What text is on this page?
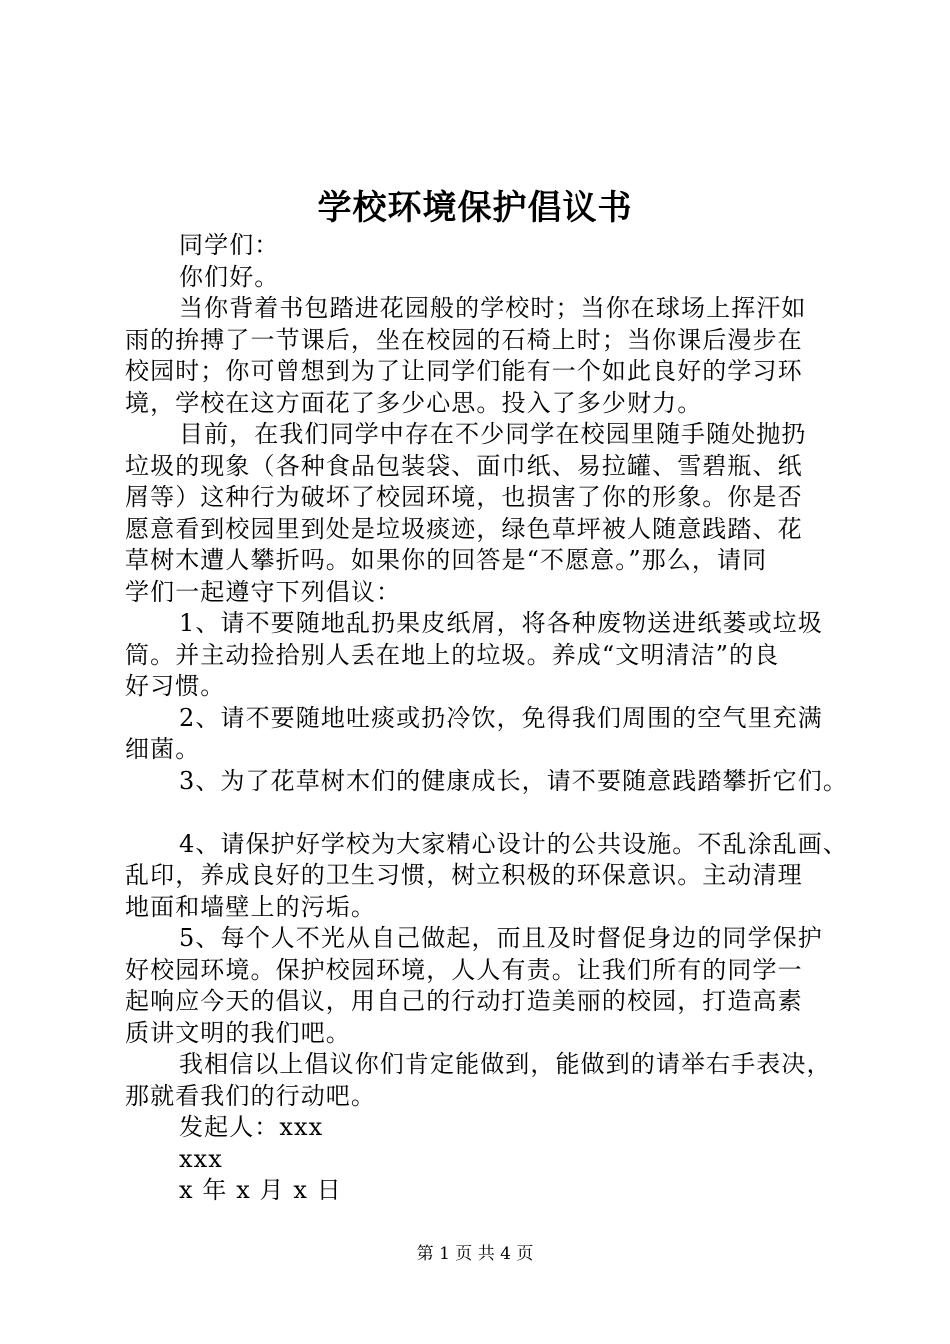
学校环境保护倡议书
同学们：
你们好。
当你背着书包踏进花园般的学校时；当你在球场上挥汗如
雨的拚搏了一节课后，坐在校园的石椅上时；当你课后漫步在
校园时；你可曾想到为了让同学们能有一个如此良好的学习环
境，学校在这方面花了多少心思。投入了多少财力。
目前，在我们同学中存在不少同学在校园里随手随处抛扔
垃圾的现象（各种食品包装袋、面巾纸、易拉罐、雪碧瓶、纸
屑等）这种行为破坏了校园环境，也损害了你的形象。你是否
愿意看到校园里到处是垃圾痰迹，绿色草坪被人随意践踏、花
草树木遭人攀折吗。如果你的回答是“不愿意。”那么，请同
学们一起遵守下列倡议：
1、请不要随地乱扔果皮纸屑，将各种废物送进纸蒌或垃圾
筒。并主动捡拾别人丢在地上的垃圾。养成“文明清洁”的良
好习惯。
2、请不要随地吐痰或扔冷饮，免得我们周围的空气里充满
细菌。
3、为了花草树木们的健康成长，请不要随意践踏攀折它们。
4、请保护好学校为大家精心设计的公共设施。不乱涂乱画、
乱印，养成良好的卫生习惯，树立积极的环保意识。主动清理
地面和墙壁上的污垢。
5、每个人不光从自己做起，而且及时督促身边的同学保护
好校园环境。保护校园环境，人人有责。让我们所有的同学一
起响应今天的倡议，用自己的行动打造美丽的校园，打造高素
质讲文明的我们吧。
我相信以上倡议你们肯定能做到，能做到的请举右手表决，
那就看我们的行动吧。
发起人：xxx
xxx
x 年 x 月 x 日
第 1 页 共 4 页
